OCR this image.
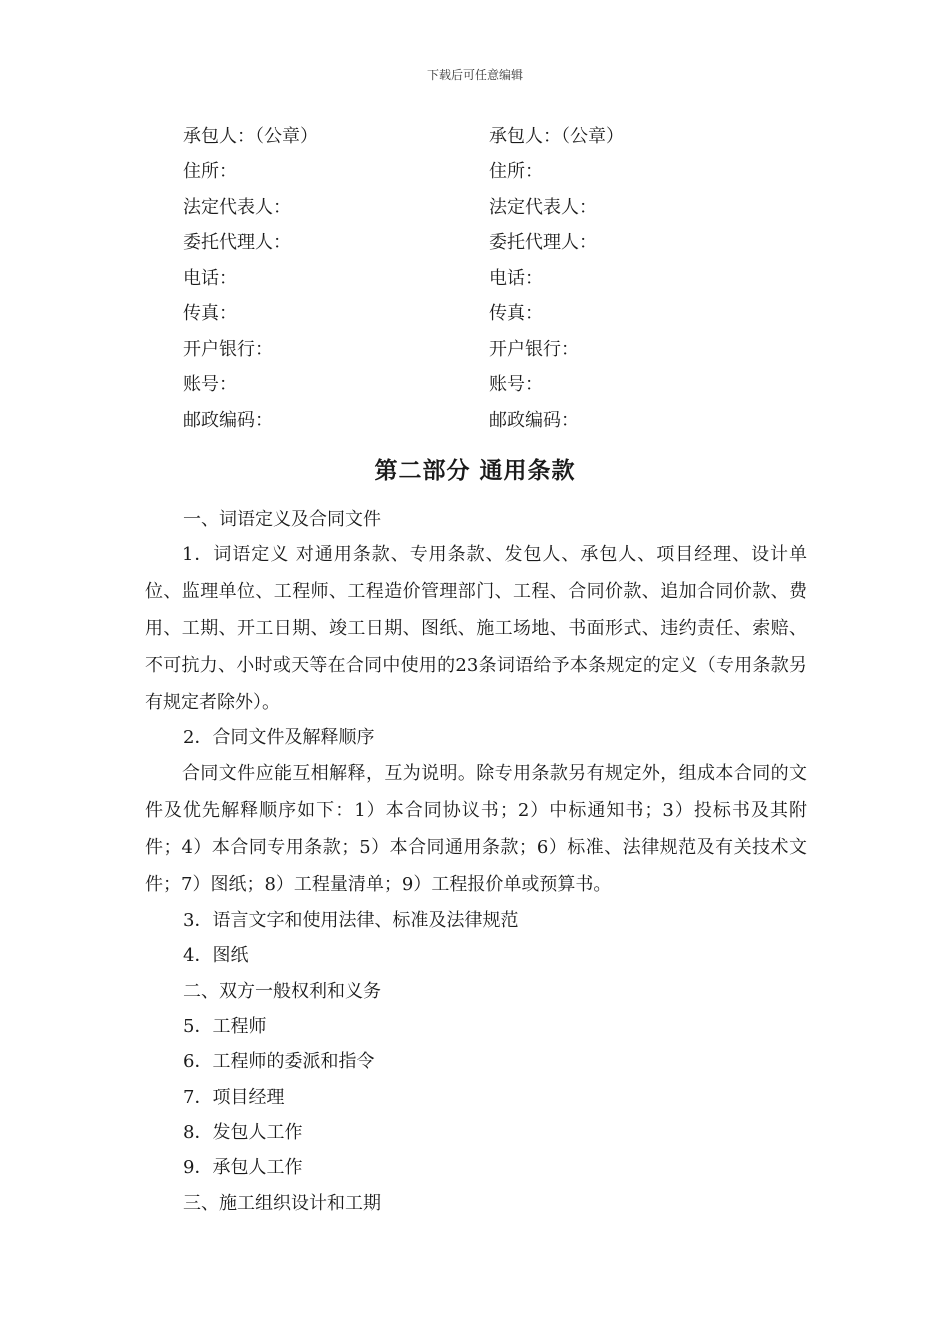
下载后可任意编辑
承包人：（公章）
住所：
法定代表人：
委托代理人：
电话：
传真：
开户银行：
账号：
邮政编码：
承包人：（公章）
住所：
法定代表人：
委托代理人：
电话：
传真：
开户银行：
账号：
邮政编码：
第二部分 通用条款
一、词语定义及合同文件
1．词语定义 对通用条款、专用条款、发包人、承包人、项目经理、设计单位、监理单位、工程师、工程造价管理部门、工程、合同价款、追加合同价款、费用、工期、开工日期、竣工日期、图纸、施工场地、书面形式、违约责任、索赔、不可抗力、小时或天等在合同中使用的23条词语给予本条规定的定义（专用条款另有规定者除外）。
2．合同文件及解释顺序
合同文件应能互相解释，互为说明。除专用条款另有规定外，组成本合同的文件及优先解释顺序如下：1）本合同协议书；2）中标通知书；3）投标书及其附件；4）本合同专用条款；5）本合同通用条款；6）标准、法律规范及有关技术文件；7）图纸；8）工程量清单；9）工程报价单或预算书。
3．语言文字和使用法律、标准及法律规范
4．图纸
二、双方一般权利和义务
5．工程师
6．工程师的委派和指令
7．项目经理
8．发包人工作
9．承包人工作
三、施工组织设计和工期
